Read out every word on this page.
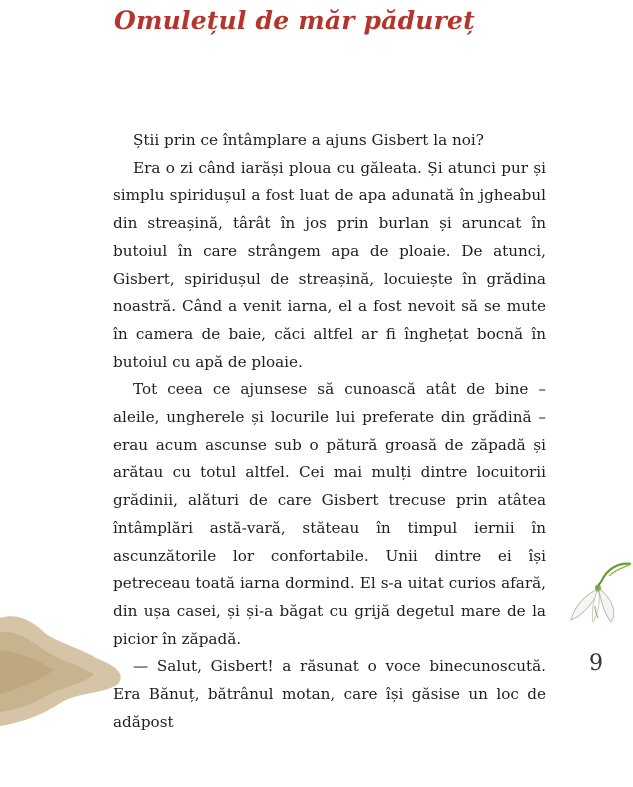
Omulețul de măr pădureț

Știi prin ce întâmplare a ajuns Gisbert la noi?

Era o zi când iarăși ploua cu găleata. Și atunci pur și simplu spiridușul a fost luat de apa adunată în jgheabul din streașină, târât în jos prin burlan și aruncat în butoiul în care strângem apa de ploaie. De atunci, Gisbert, spiridușul de streașină, locuiește în grădina noastră. Când a venit iarna, el a fost nevoit să se mute în camera de baie, căci altfel ar fi înghețat bocnă în butoiul cu apă de ploaie.

Tot ceea ce ajunsese să cunoască atât de bine – aleile, ungherele și locurile lui preferate din grădină – erau acum ascunse sub o pătură groasă de zăpadă și arătau cu totul altfel. Cei mai mulți dintre locuitorii grădinii, alături de care Gisbert trecuse prin atâtea întâmplări astă-vară, stăteau în timpul iernii în ascunzătorile lor confortabile. Unii dintre ei își petreceau toată iarna dormind. El s-a uitat curios afară, din ușa casei, și și-a băgat cu grijă degetul mare de la picior în zăpadă.

— Salut, Gisbert! a răsunat o voce binecunoscută. Era Bănuț, bătrânul motan, care își găsise un loc de adăpost

9
